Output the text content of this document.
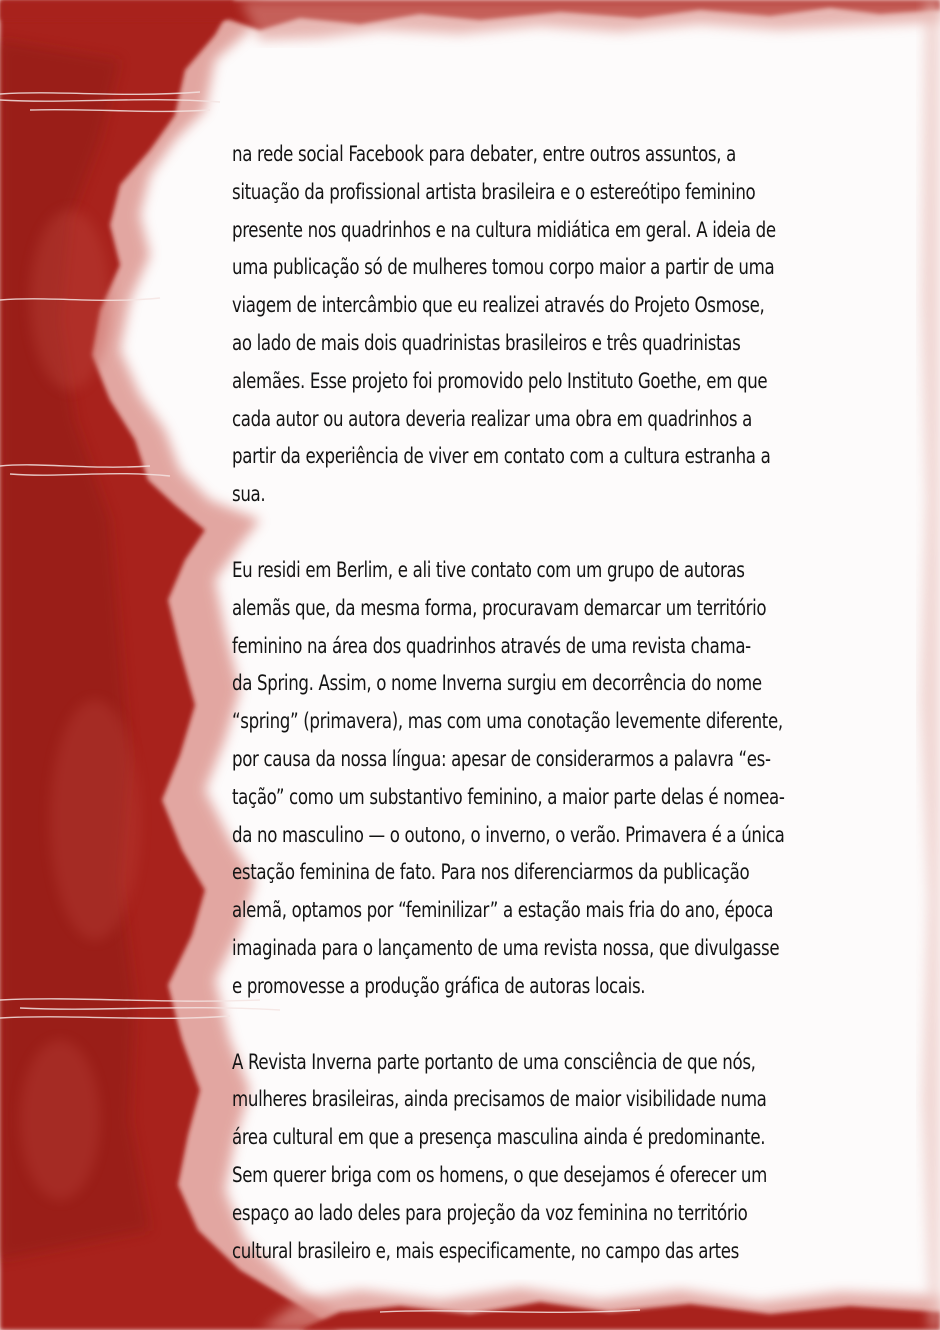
na rede social Facebook para debater, entre outros assuntos, a
situação da profissional artista brasileira e o estereótipo feminino
presente nos quadrinhos e na cultura midiática em geral. A ideia de
uma publicação só de mulheres tomou corpo maior a partir de uma
viagem de intercâmbio que eu realizei através do Projeto Osmose,
ao lado de mais dois quadrinistas brasileiros e três quadrinistas
alemães. Esse projeto foi promovido pelo Instituto Goethe, em que
cada autor ou autora deveria realizar uma obra em quadrinhos a
partir da experiência de viver em contato com a cultura estranha a
sua.

Eu residi em Berlim, e ali tive contato com um grupo de autoras
alemãs que, da mesma forma, procuravam demarcar um território
feminino na área dos quadrinhos através de uma revista chama-
da Spring. Assim, o nome Inverna surgiu em decorrência do nome
“spring” (primavera), mas com uma conotação levemente diferente,
por causa da nossa língua: apesar de considerarmos a palavra “es-
tação” como um substantivo feminino, a maior parte delas é nomea-
da no masculino — o outono, o inverno, o verão. Primavera é a única
estação feminina de fato. Para nos diferenciarmos da publicação
alemã, optamos por “feminilizar” a estação mais fria do ano, época
imaginada para o lançamento de uma revista nossa, que divulgasse
e promovesse a produção gráfica de autoras locais.

A Revista Inverna parte portanto de uma consciência de que nós,
mulheres brasileiras, ainda precisamos de maior visibilidade numa
área cultural em que a presença masculina ainda é predominante.
Sem querer briga com os homens, o que desejamos é oferecer um
espaço ao lado deles para projeção da voz feminina no território
cultural brasileiro e, mais especificamente, no campo das artes
